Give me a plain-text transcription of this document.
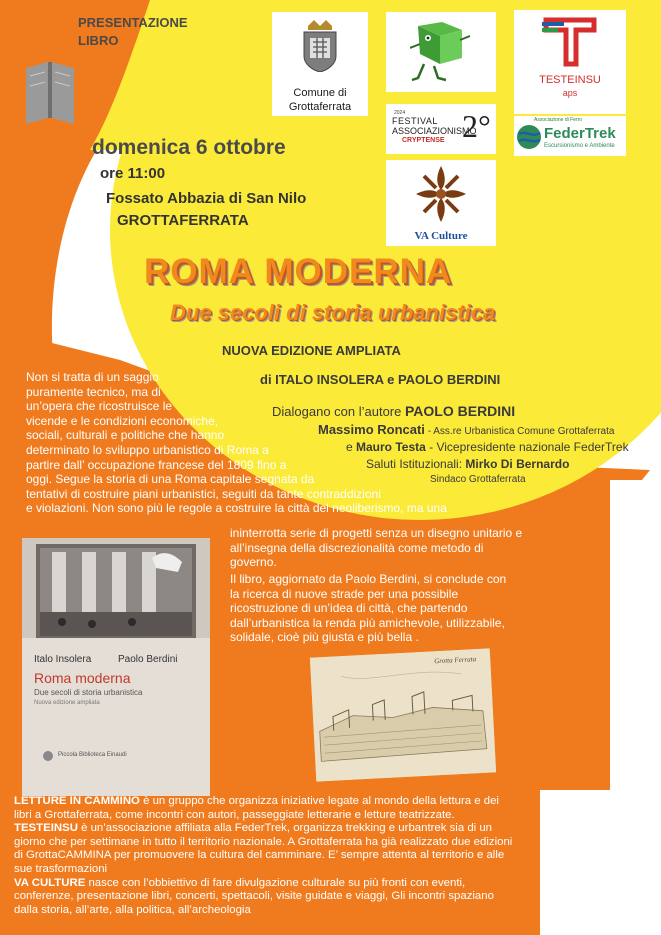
PRESENTAZIONE
LIBRO
Comune di
Grottaferrata
TESTEINSU
aps
2024
FESTIVAL
ASSOCIAZIONISMO
CRYPTENSE 2°	Associazione di Ferro
FederTrek
Escursionismo e Ambiente
VA Culture
domenica 6 ottobre
ore 11:00
Fossato Abbazia di San Nilo
GROTTAFERRATA
ROMA MODERNA
Due secoli di storia urbanistica
NUOVA EDIZIONE AMPLIATA
di ITALO INSOLERA e PAOLO BERDINI
Dialogano con l’autore PAOLO BERDINI
Massimo Roncati - Ass.re Urbanistica Comune Grottaferrata
e Mauro Testa - Vicepresidente nazionale FederTrek
Saluti Istituzionali: Mirko Di Bernardo
Sindaco Grottaferrata
Non si tratta di un saggio
puramente tecnico, ma di
un’opera che ricostruisce le
vicende e le condizioni economiche,
sociali, culturali e politiche che hanno
determinato lo sviluppo urbanistico di Roma a
partire dall’ occupazione francese del 1809 fino a
oggi. Segue la storia di una Roma capitale segnata da
tentativi di costruire piani urbanistici, seguiti da tante contraddizioni
e violazioni. Non sono più le regole a costruire la città del neoliberismo, ma una
ininterrotta serie di progetti senza un disegno unitario e
all’insegna della discrezionalità come metodo di
governo.
Il libro, aggiornato da Paolo Berdini, si conclude con
la ricerca di nuove strade per una possibile
ricostruzione di un’idea di città, che partendo
dall’urbanistica la renda più amichevole, utilizzabile,
solidale, cioè più giusta e più bella .
Italo Insolera	Paolo Berdini
Roma moderna
Due secoli di storia urbanistica
Nuova edizione ampliata
Piccola Biblioteca Einaudi
Grotta Ferrata
LETTURE IN CAMMINO è un gruppo che organizza iniziative legate al mondo della lettura e dei
libri a Grottaferrata, come incontri con autori, passeggiate letterarie e letture teatrizzate.
TESTEINSU è un’associazione affiliata alla FederTrek, organizza trekking e urbantrek sia di un
giorno che per settimane in tutto il territorio nazionale. A Grottaferrata ha già realizzato due edizioni
di GrottaCAMMINA per promuovere la cultura del camminare. E’ sempre attenta al territorio e alle
sue trasformazioni
VA CULTURE nasce con l’obbiettivo di fare divulgazione culturale su più fronti con eventi,
conferenze, presentazione libri, concerti, spettacoli, visite guidate e viaggi, Gli incontri spaziano
dalla storia, all’arte, alla politica, all’archeologia
